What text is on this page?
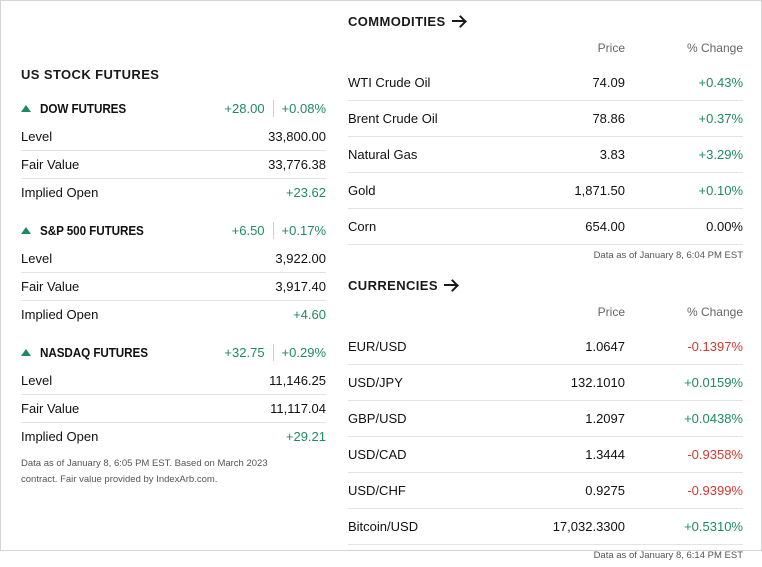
US STOCK FUTURES
DOW FUTURES	+28.00 +0.08%
Level	33,800.00
Fair Value	33,776.38
Implied Open	+23.62
S&P 500 FUTURES	+6.50 +0.17%
Level	3,922.00
Fair Value	3,917.40
Implied Open	+4.60
NASDAQ FUTURES	+32.75 +0.29%
Level	11,146.25
Fair Value	11,117.04
Implied Open	+29.21
Data as of January 8, 6:05 PM EST. Based on March 2023
contract. Fair value provided by IndexArb.com.
COMMODITIES
Price	% Change
WTI Crude Oil	74.09	+0.43%
Brent Crude Oil	78.86	+0.37%
Natural Gas	3.83	+3.29%
Gold	1,871.50	+0.10%
Corn	654.00	0.00%
Data as of January 8, 6:04 PM EST
CURRENCIES
Price	% Change
EUR/USD	1.0647	-0.1397%
USD/JPY	132.1010	+0.0159%
GBP/USD	1.2097	+0.0438%
USD/CAD	1.3444	-0.9358%
USD/CHF	0.9275	-0.9399%
Bitcoin/USD	17,032.3300	+0.5310%
Data as of January 8, 6:14 PM EST
